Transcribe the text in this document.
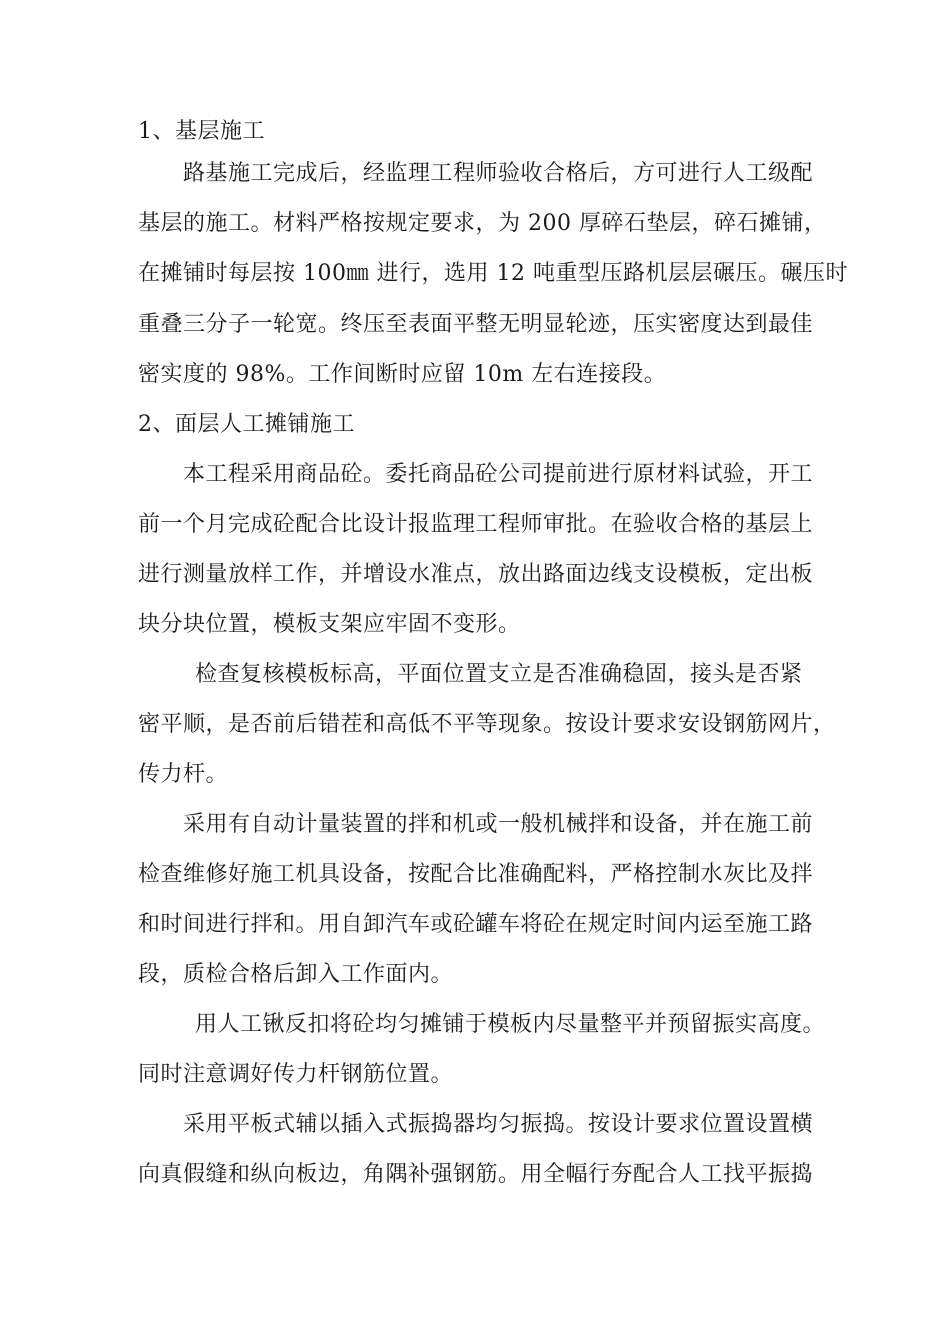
1、基层施工
路基施工完成后，经监理工程师验收合格后，方可进行人工级配
基层的施工。材料严格按规定要求，为 200 厚碎石垫层，碎石摊铺，
在摊铺时每层按 100㎜ 进行，选用 12 吨重型压路机层层碾压。碾压时
重叠三分子一轮宽。终压至表面平整无明显轮迹，压实密度达到最佳
密实度的 98%。工作间断时应留 10m 左右连接段。
2、面层人工摊铺施工
本工程采用商品砼。委托商品砼公司提前进行原材料试验，开工
前一个月完成砼配合比设计报监理工程师审批。在验收合格的基层上
进行测量放样工作，并增设水准点，放出路面边线支设模板，定出板
块分块位置，模板支架应牢固不变形。
检查复核模板标高，平面位置支立是否准确稳固，接头是否紧
密平顺，是否前后错茬和高低不平等现象。按设计要求安设钢筋网片，
传力杆。
采用有自动计量装置的拌和机或一般机械拌和设备，并在施工前
检查维修好施工机具设备，按配合比准确配料，严格控制水灰比及拌
和时间进行拌和。用自卸汽车或砼罐车将砼在规定时间内运至施工路
段，质检合格后卸入工作面内。
用人工锹反扣将砼均匀摊铺于模板内尽量整平并预留振实高度。
同时注意调好传力杆钢筋位置。
采用平板式辅以插入式振捣器均匀振捣。按设计要求位置设置横
向真假缝和纵向板边，角隅补强钢筋。用全幅行夯配合人工找平振捣
